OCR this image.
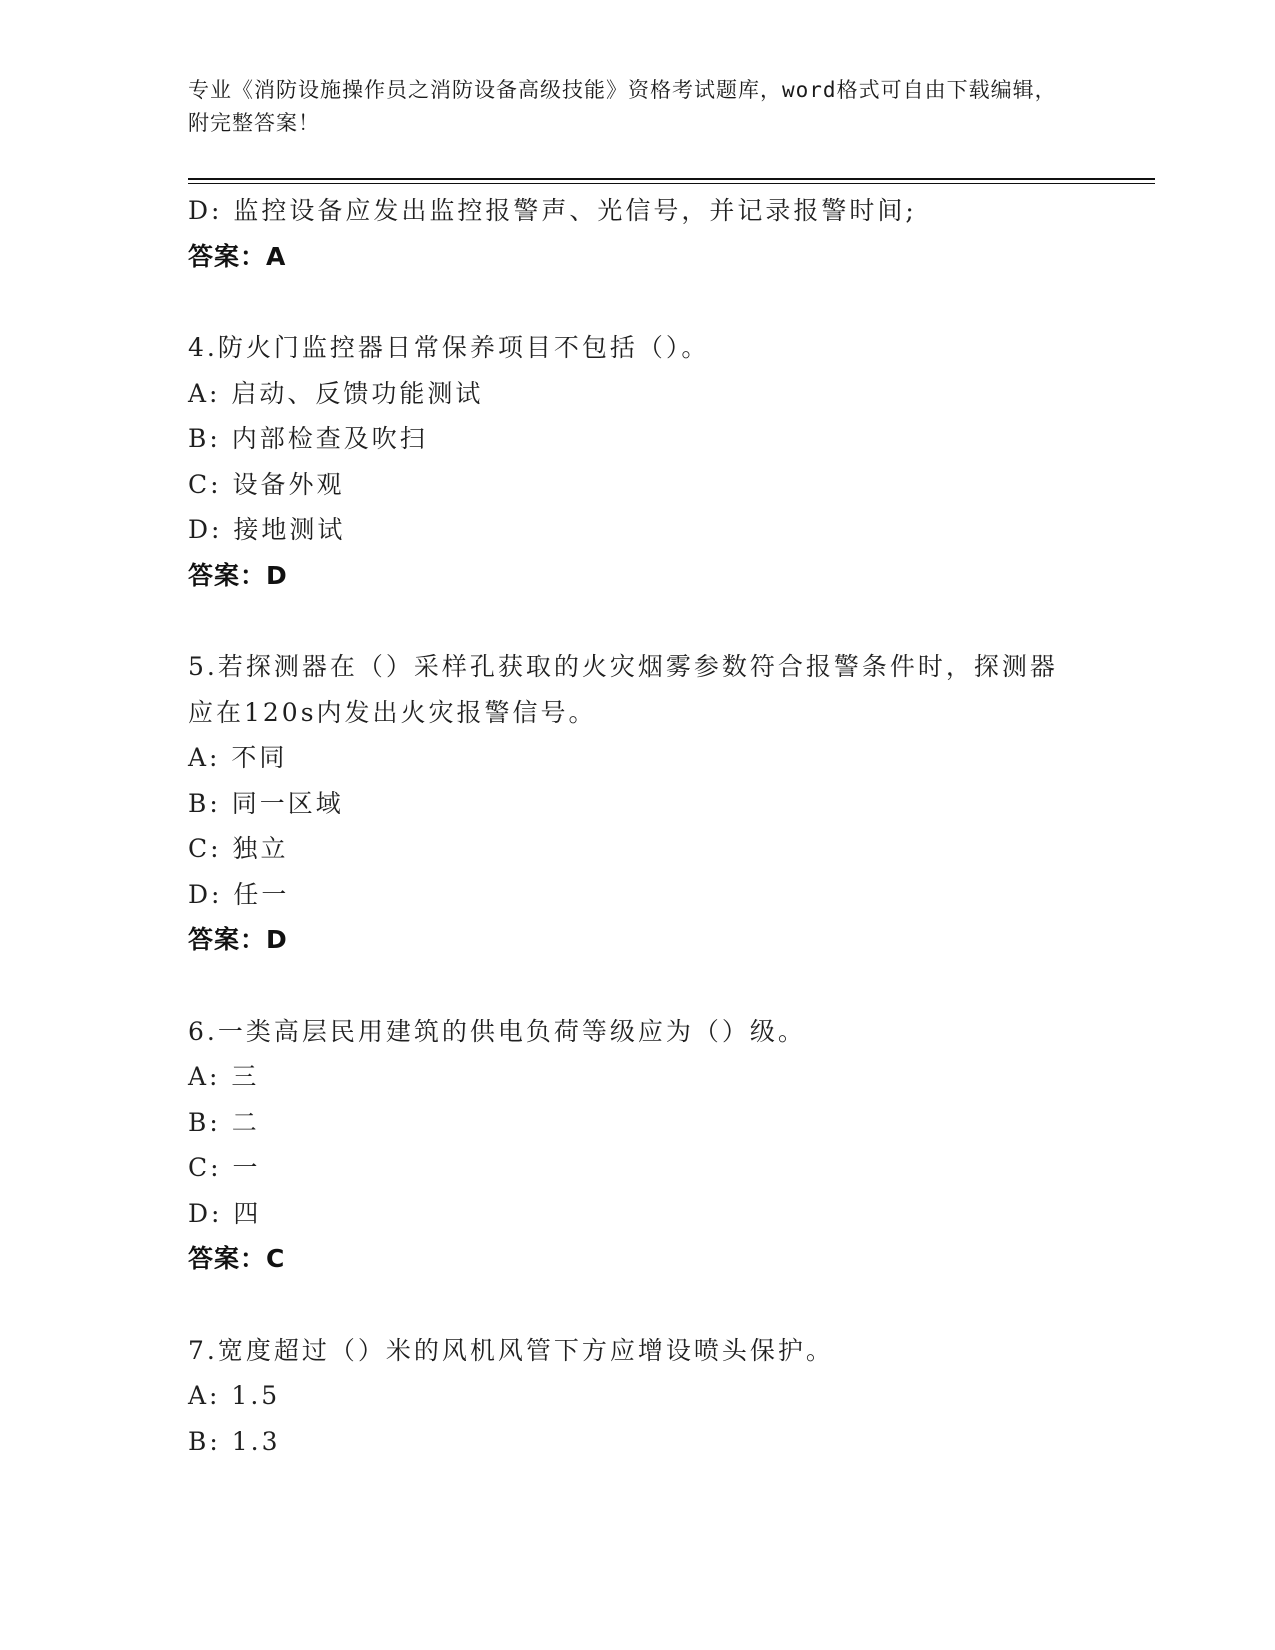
专业《消防设施操作员之消防设备高级技能》资格考试题库，word格式可自由下载编辑，附完整答案！
D: 监控设备应发出监控报警声、光信号，并记录报警时间;
答案：A
4.防火门监控器日常保养项目不包括（）。
A: 启动、反馈功能测试
B: 内部检查及吹扫
C: 设备外观
D: 接地测试
答案：D
5.若探测器在（）采样孔获取的火灾烟雾参数符合报警条件时，探测器应在120s内发出火灾报警信号。
A: 不同
B: 同一区域
C: 独立
D: 任一
答案：D
6.一类高层民用建筑的供电负荷等级应为（）级。
A: 三
B: 二
C: 一
D: 四
答案：C
7.宽度超过（）米的风机风管下方应增设喷头保护。
A: 1.5
B: 1.3
